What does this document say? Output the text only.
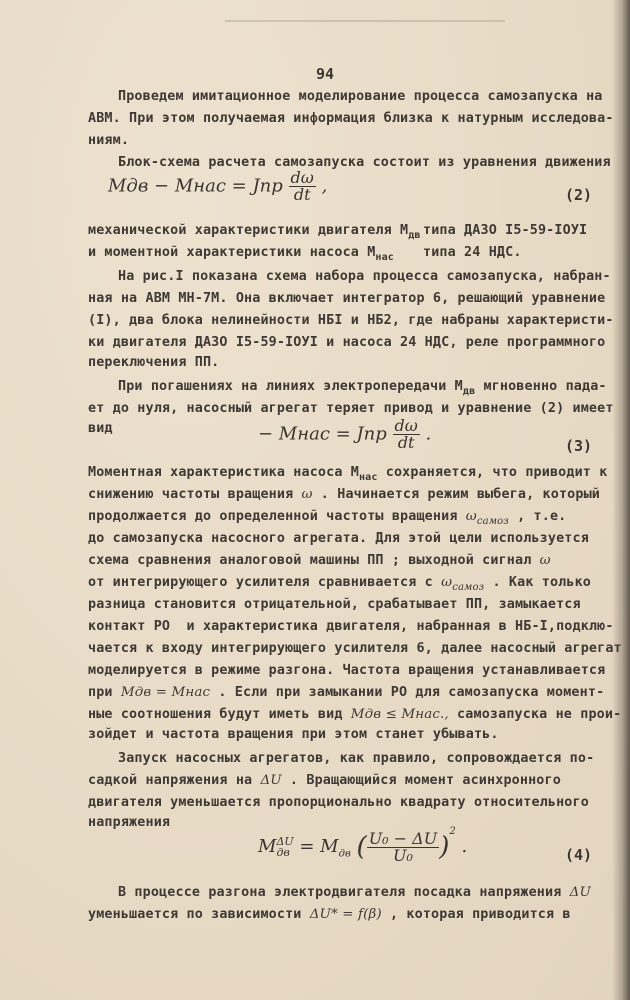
94
Проведем имитационное моделирование процесса самозапуска на
АВМ. При этом получаемая информация близка к натурным исследова-
ниям.
Блок-схема расчета самозапуска состоит из уравнения движения
Mдв − Mнас = Jпр $\frac{d\omega}{dt}$ ,	(2)
механической характеристики двигателя $M_{дв}$ типа ДАЗО I5-59-IОУI
и моментной характеристики насоса $M_{нас}$ типа 24 НДС.
На рис.I показана схема набора процесса самозапуска, набран-
ная на АВМ МН-7М. Она включает интегратор 6, решающий уравнение
(I), два блока нелинейности НБI и НБ2, где набраны характеристи-
ки двигателя ДАЗО I5-59-IОУI и насоса 24 НДС, реле программного
переключения ПП.
При погашениях на линиях электропередачи $M_{дв}$ мгновенно пада-
ет до нуля, насосный агрегат теряет привод и уравнение (2) имеет
вид	− Mнас = Jпр $\frac{d\omega}{dt}$ .
(3)
Моментная характеристика насоса $M_{нас}$ сохраняется, что приводит к
снижению частоты вращения ω . Начинается режим выбега, который
продолжается до определенной частоты вращения $\omega_{самоз}$ , т.е.
до самозапуска насосного агрегата. Для этой цели используется
схема сравнения аналоговой машины ПП ; выходной сигнал ω
от интегрирующего усилителя сравнивается с $\omega_{самоз}$ . Как только
разница становится отрицательной, срабатывает ПП, замыкается
контакт РО  и характеристика двигателя, набранная в НБ-I,подклю-
чается к входу интегрирующего усилителя 6, далее насосный агрегат
моделируется в режиме разгона. Частота вращения устанавливается
при Mдв = Mнас . Если при замыкании РО для самозапуска момент-
ные соотношения будут иметь вид Mдв ≤ Mнас., самозапуска не прои-
зойдет и частота вращения при этом станет убывать.
Запуск насосных агрегатов, как правило, сопровождается по-
садкой напряжения на ΔU . Вращающийся момент асинхронного
двигателя уменьшается пропорционально квадрату относительного
напряжения
M ΔU
дв = $M_{дв}$ ( $\frac{\text{U₀ − ΔU}}{\text{U₀}} )^2$ .	(4)
В процессе разгона электродвигателя посадка напряжения ΔU
уменьшается по зависимости ΔU* = f(β) , которая приводится в
